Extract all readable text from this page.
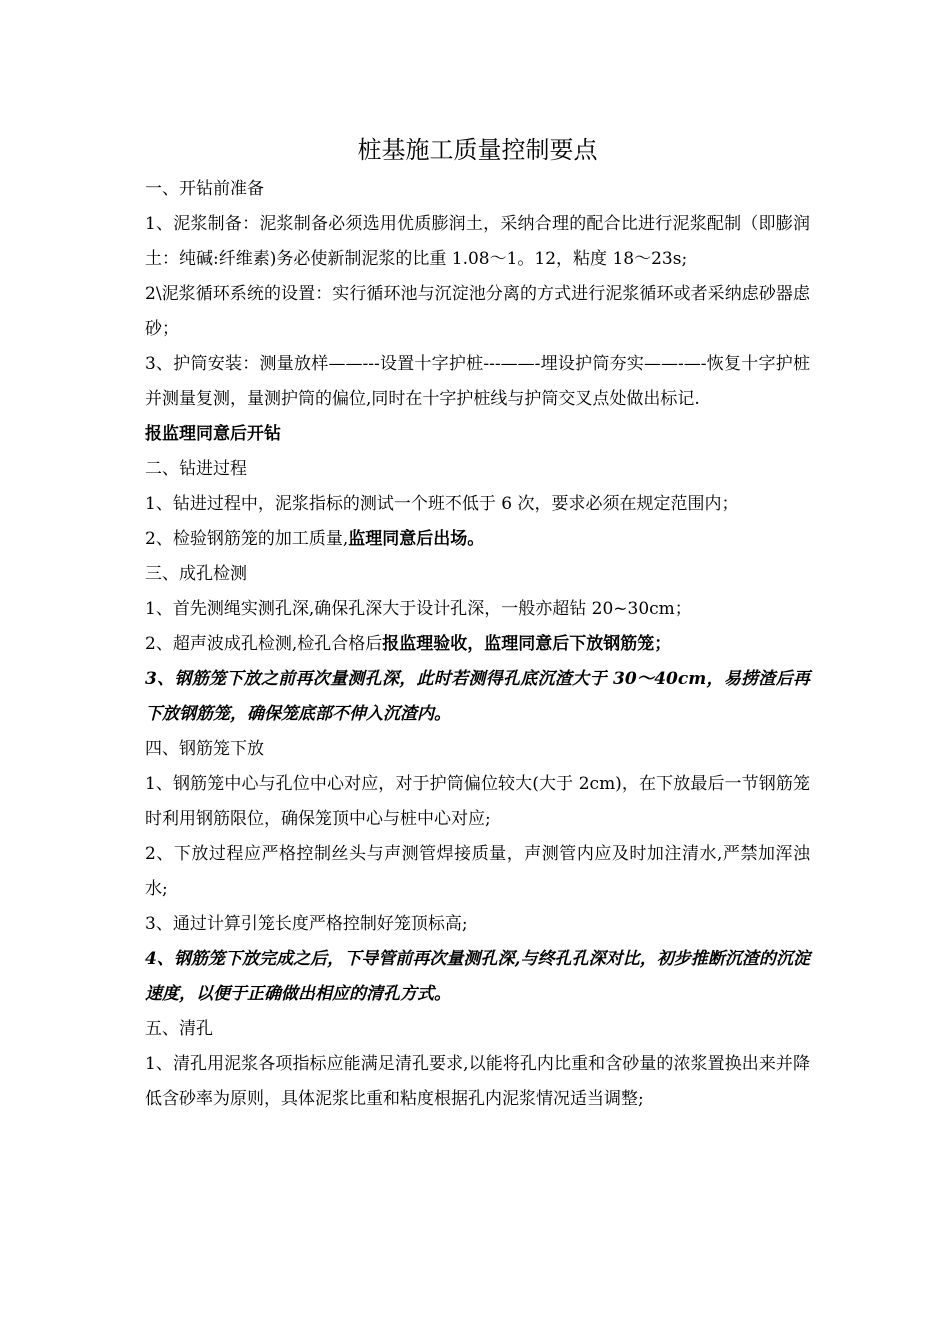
桩基施工质量控制要点

一、开钻前准备

1、泥浆制备：泥浆制备必须选用优质膨润土，采纳合理的配合比进行泥浆配制（即膨润土：纯碱:纤维素)务必使新制泥浆的比重 1.08～1。12，粘度 18～23s;

2\泥浆循环系统的设置：实行循环池与沉淀池分离的方式进行泥浆循环或者采纳虑砂器虑砂；

3、护筒安装：测量放样——---设置十字护桩---——-埋设护筒夯实——-—-恢复十字护桩并测量复测，量测护筒的偏位,同时在十字护桩线与护筒交叉点处做出标记.

报监理同意后开钻

二、钻进过程

1、钻进过程中，泥浆指标的测试一个班不低于 6 次，要求必须在规定范围内；

2、检验钢筋笼的加工质量,监理同意后出场。

三、成孔检测

1、首先测绳实测孔深,确保孔深大于设计孔深，一般亦超钻 20~30cm；

2、超声波成孔检测,检孔合格后报监理验收，监理同意后下放钢筋笼；

3、钢筋笼下放之前再次量测孔深，此时若测得孔底沉渣大于 30～40cm，易捞渣后再下放钢筋笼，确保笼底部不伸入沉渣内。

四、钢筋笼下放

1、钢筋笼中心与孔位中心对应，对于护筒偏位较大(大于 2cm)，在下放最后一节钢筋笼时利用钢筋限位，确保笼顶中心与桩中心对应;

2、下放过程应严格控制丝头与声测管焊接质量，声测管内应及时加注清水,严禁加浑浊水;

3、通过计算引笼长度严格控制好笼顶标高;

4、钢筋笼下放完成之后，下导管前再次量测孔深,与终孔孔深对比，初步推断沉渣的沉淀速度，以便于正确做出相应的清孔方式。

五、清孔

1、清孔用泥浆各项指标应能满足清孔要求,以能将孔内比重和含砂量的浓浆置换出来并降低含砂率为原则，具体泥浆比重和粘度根据孔内泥浆情况适当调整;
